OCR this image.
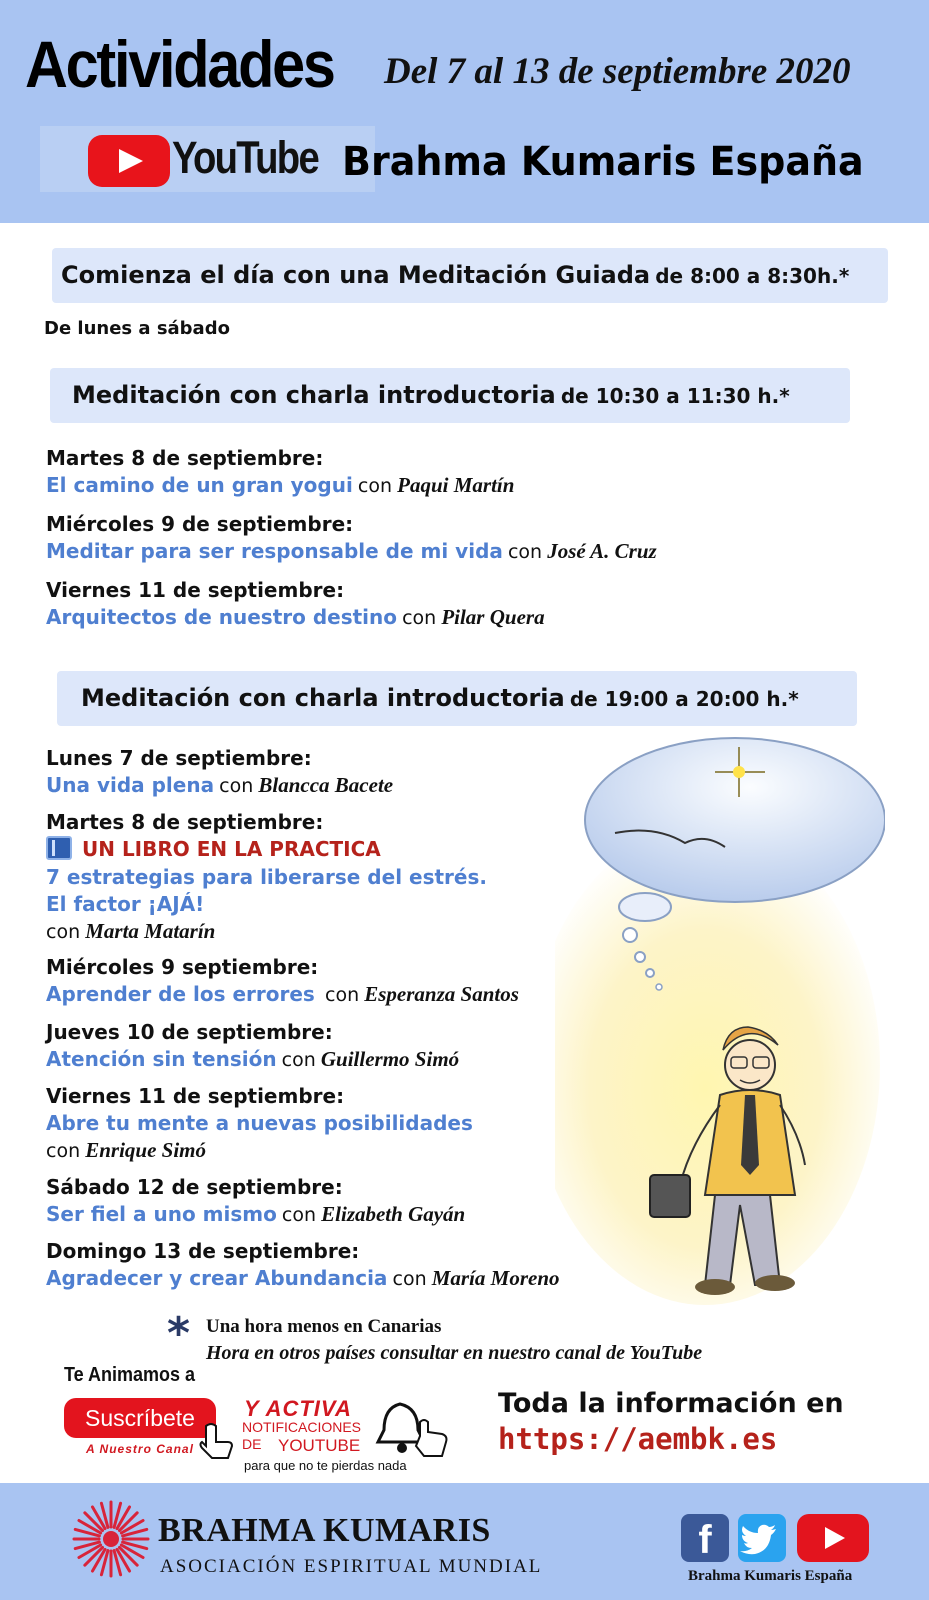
Actividades Del 7 al 13 de septiembre 2020
YouTube Brahma Kumaris España
Comienza el día con una Meditación Guiada de 8:00 a 8:30h.*
De lunes a sábado
Meditación con charla introductoria de 10:30 a 11:30 h.*
Martes 8 de septiembre:
El camino de un gran yogui con Paqui Martín
Miércoles 9 de septiembre:
Meditar para ser responsable de mi vida con José A. Cruz
Viernes 11 de septiembre:
Arquitectos de nuestro destino con Pilar Quera
Meditación con charla introductoria de 19:00 a 20:00 h.*
Lunes 7 de septiembre:
Una vida plena con Blancca Bacete
Martes 8 de septiembre:
UN LIBRO EN LA PRACTICA
7 estrategias para liberarse del estrés.
El factor ¡AJÁ!
con Marta Matarín
Miércoles 9 septiembre:
Aprender de los errores con Esperanza Santos
Jueves 10 de septiembre:
Atención sin tensión con Guillermo Simó
Viernes 11 de septiembre:
Abre tu mente a nuevas posibilidades
con Enrique Simó
Sábado 12 de septiembre:
Ser fiel a uno mismo con Elizabeth Gayán
Domingo 13 de septiembre:
Agradecer y crear Abundancia con María Moreno
* Una hora menos en Canarias
Hora en otros países consultar en nuestro canal de YouTube
Te Animamos a
Suscríbete
A Nuestro Canal
Y ACTIVA
NOTIFICACIONES
DE YOUTUBE
para que no te pierdas nada
Toda la información en
https://aembk.es
BRAHMA KUMARIS
ASOCIACIÓN ESPIRITUAL MUNDIAL
f
Brahma Kumaris España
